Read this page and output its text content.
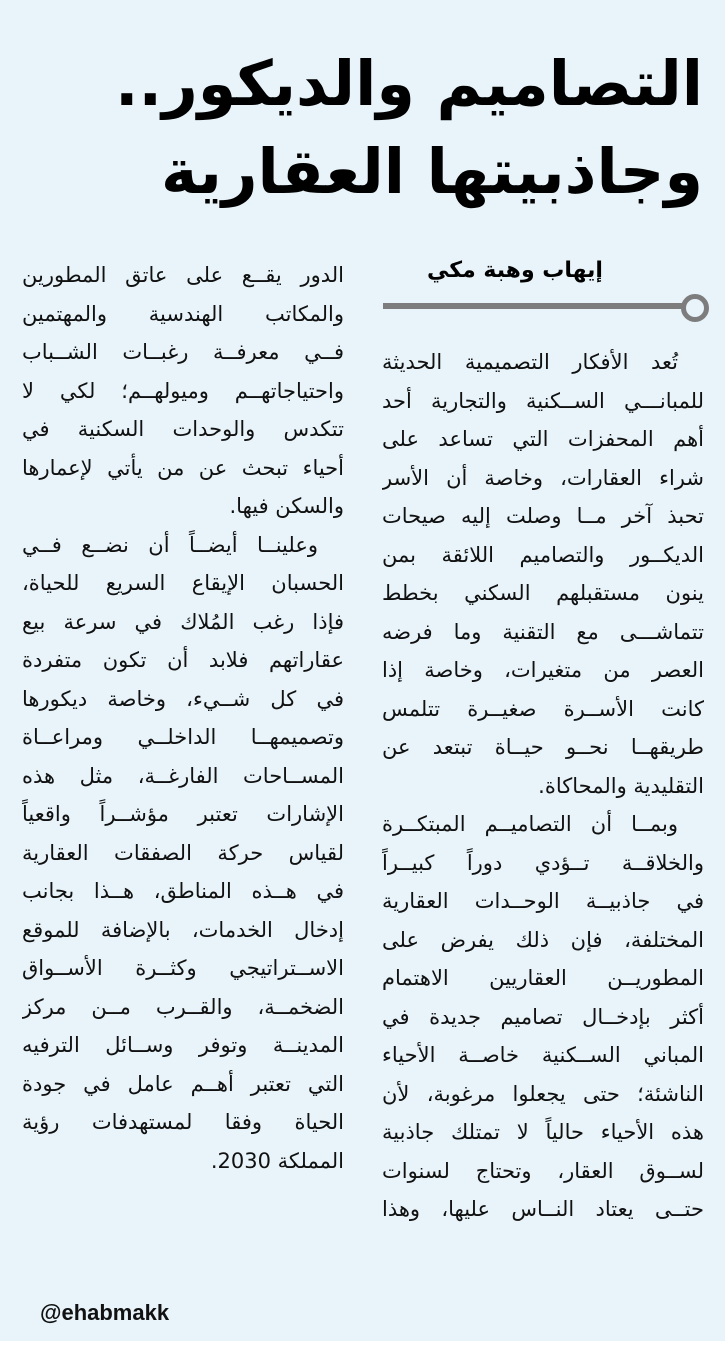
التصاميم والديكور..
وجاذبيتها العقارية
إيهاب وهبة مكي
تُعد الأفكار التصميمية الحديثة
للمبانـــي الســكنية والتجارية أحد
أهم المحفزات التي تساعد على
شراء العقارات، وخاصة أن الأسر
تحبذ آخر مــا وصلت إليه صيحات
الديكــور والتصاميم اللائقة بمن
ينون مستقبلهم السكني بخطط
تتماشـــى مع التقنية وما فرضه
العصر من متغيرات، وخاصة إذا
كانت الأســرة صغيــرة تتلمس
طريقهــا نحــو حيــاة تبتعد عن
التقليدية والمحاكاة.
وبمــا أن التصاميــم المبتكــرة
والخلاقــة تــؤدي دوراً كبيــراً
في جاذبيــة الوحــدات العقارية
المختلفة، فإن ذلك يفرض على
المطوريــن العقاريين الاهتمام
أكثر بإدخــال تصاميم جديدة في
المباني الســكنية خاصــة الأحياء
الناشئة؛ حتى يجعلوا مرغوبة، لأن
هذه الأحياء حالياً لا تمتلك جاذبية
لســوق العقار، وتحتاج لسنوات
حتــى يعتاد النــاس عليها، وهذا
الدور يقــع على عاتق المطورين
والمكاتب الهندسية والمهتمين
فــي معرفــة رغبــات الشــباب
واحتياجاتهــم وميولهــم؛ لكي لا
تتكدس والوحدات السكنية في
أحياء تبحث عن من يأتي لإعمارها
والسكن فيها.
وعلينــا أيضــاً أن نضــع فــي
الحسبان الإيقاع السريع للحياة،
فإذا رغب المُلاك في سرعة بيع
عقاراتهم فلابد أن تكون متفردة
في كل شــيء، وخاصة ديكورها
وتصميمهــا الداخلــي ومراعــاة
المســاحات الفارغــة، مثل هذه
الإشارات تعتبر مؤشــراً واقعياً
لقياس حركة الصفقات العقارية
في هــذه المناطق، هــذا بجانب
إدخال الخدمات، بالإضافة للموقع
الاســتراتيجي وكثــرة الأســواق
الضخمــة، والقــرب مــن مركز
المدينــة وتوفر وســائل الترفيه
التي تعتبر أهــم عامل في جودة
الحياة وفقا لمستهدفات رؤية
المملكة 2030.
@ehabmakk
